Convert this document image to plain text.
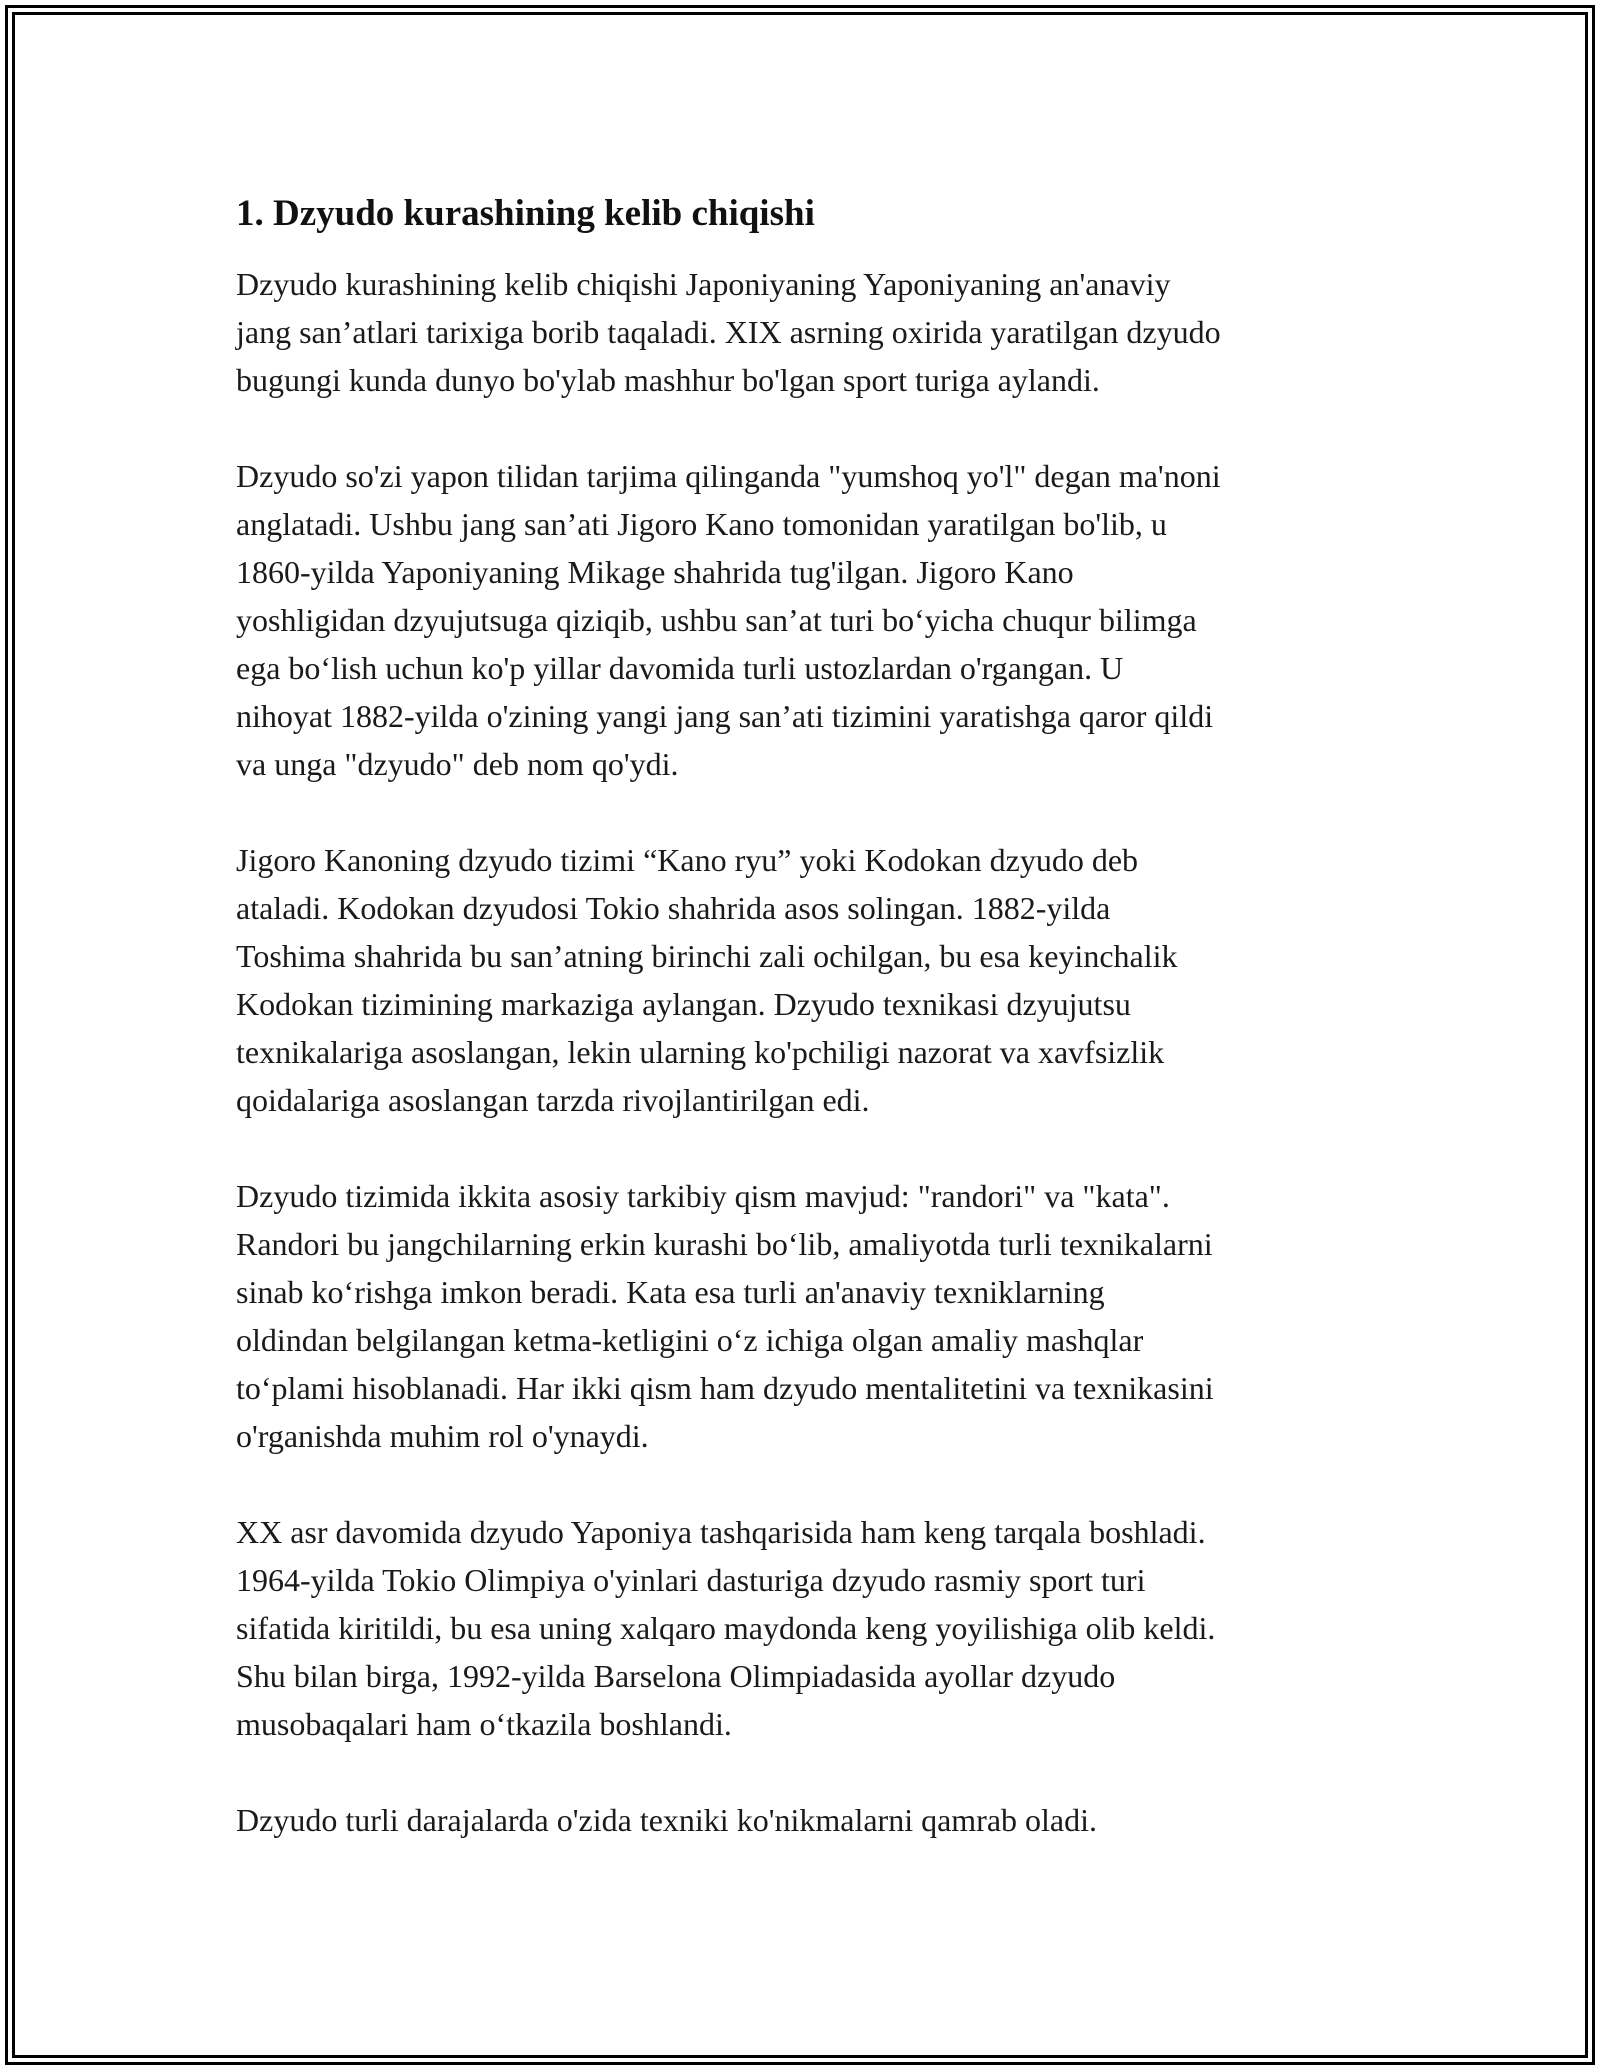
1. Dzyudo kurashining kelib chiqishi

Dzyudo kurashining kelib chiqishi Japoniyaning Yaponiyaning an'anaviy
jang san’atlari tarixiga borib taqaladi. XIX asrning oxirida yaratilgan dzyudo
bugungi kunda dunyo bo'ylab mashhur bo'lgan sport turiga aylandi.

Dzyudo so'zi yapon tilidan tarjima qilinganda "yumshoq yo'l" degan ma'noni
anglatadi. Ushbu jang san’ati Jigoro Kano tomonidan yaratilgan bo'lib, u
1860-yilda Yaponiyaning Mikage shahrida tug'ilgan. Jigoro Kano
yoshligidan dzyujutsuga qiziqib, ushbu san’at turi bo‘yicha chuqur bilimga
ega bo‘lish uchun ko'p yillar davomida turli ustozlardan o'rgangan. U
nihoyat 1882-yilda o'zining yangi jang san’ati tizimini yaratishga qaror qildi
va unga "dzyudo" deb nom qo'ydi.

Jigoro Kanoning dzyudo tizimi “Kano ryu” yoki Kodokan dzyudo deb
ataladi. Kodokan dzyudosi Tokio shahrida asos solingan. 1882-yilda
Toshima shahrida bu san’atning birinchi zali ochilgan, bu esa keyinchalik
Kodokan tizimining markaziga aylangan. Dzyudo texnikasi dzyujutsu
texnikalariga asoslangan, lekin ularning ko'pchiligi nazorat va xavfsizlik
qoidalariga asoslangan tarzda rivojlantirilgan edi.

Dzyudo tizimida ikkita asosiy tarkibiy qism mavjud: "randori" va "kata".
Randori bu jangchilarning erkin kurashi bo‘lib, amaliyotda turli texnikalarni
sinab ko‘rishga imkon beradi. Kata esa turli an'anaviy texniklarning
oldindan belgilangan ketma-ketligini o‘z ichiga olgan amaliy mashqlar
to‘plami hisoblanadi. Har ikki qism ham dzyudo mentalitetini va texnikasini
o'rganishda muhim rol o'ynaydi.

XX asr davomida dzyudo Yaponiya tashqarisida ham keng tarqala boshladi.
1964-yilda Tokio Olimpiya o'yinlari dasturiga dzyudo rasmiy sport turi
sifatida kiritildi, bu esa uning xalqaro maydonda keng yoyilishiga olib keldi.
Shu bilan birga, 1992-yilda Barselona Olimpiadasida ayollar dzyudo
musobaqalari ham o‘tkazila boshlandi.

Dzyudo turli darajalarda o'zida texniki ko'nikmalarni qamrab oladi.
